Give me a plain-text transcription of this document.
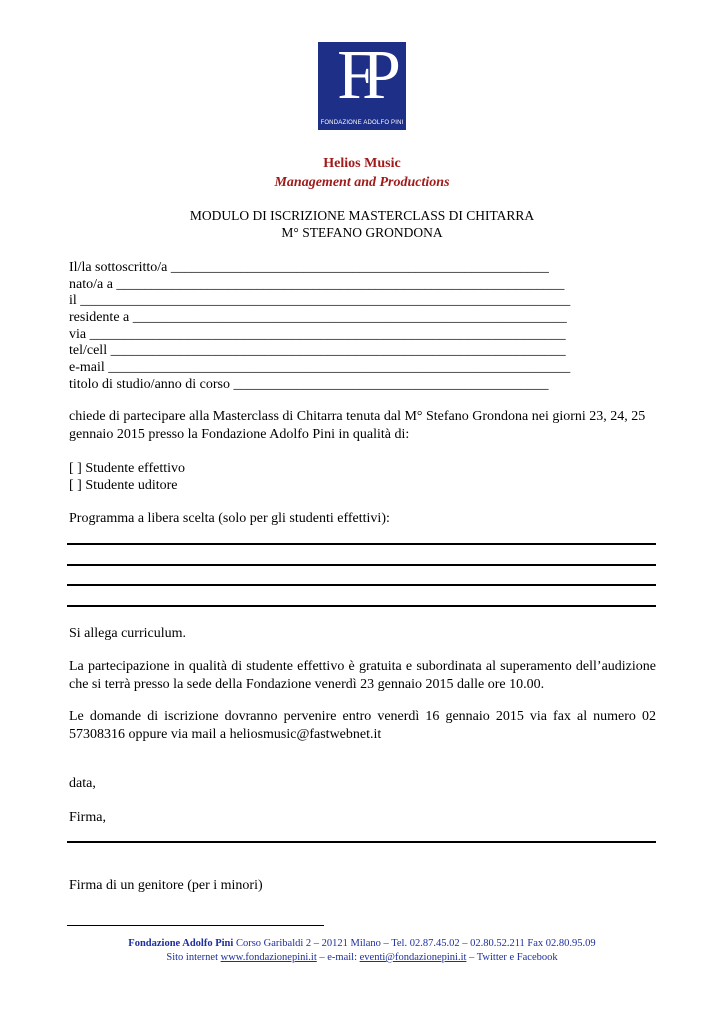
FP
FONDAZIONE ADOLFO PINI
Helios Music
Management and Productions
MODULO DI ISCRIZIONE MASTERCLASS DI CHITARRA
M° STEFANO GRONDONA
Il/la sottoscritto/a ______________________________________________________
nato/a a ________________________________________________________________
il ______________________________________________________________________
residente a ______________________________________________________________
via ____________________________________________________________________
tel/cell _________________________________________________________________
e-mail __________________________________________________________________
titolo di studio/anno di corso _____________________________________________
chiede di partecipare alla Masterclass di Chitarra tenuta dal M° Stefano Grondona nei giorni 23, 24, 25 gennaio 2015 presso la Fondazione Adolfo Pini in qualità di:
[ ] Studente effettivo
[ ] Studente uditore
Programma a libera scelta (solo per gli studenti effettivi):
Si allega curriculum.
La partecipazione in qualità di studente effettivo è gratuita e subordinata al superamento dell’audizione che si terrà presso la sede della Fondazione venerdì 23 gennaio 2015 dalle ore 10.00.
Le domande di iscrizione dovranno pervenire entro venerdì 16 gennaio 2015 via fax al numero 02 57308316 oppure via mail a heliosmusic@fastwebnet.it
data,
Firma,
Firma di un genitore (per i minori)
Fondazione Adolfo Pini Corso Garibaldi 2 – 20121 Milano – Tel. 02.87.45.02 – 02.80.52.211 Fax 02.80.95.09
Sito internet www.fondazionepini.it – e-mail: eventi@fondazionepini.it – Twitter e Facebook
